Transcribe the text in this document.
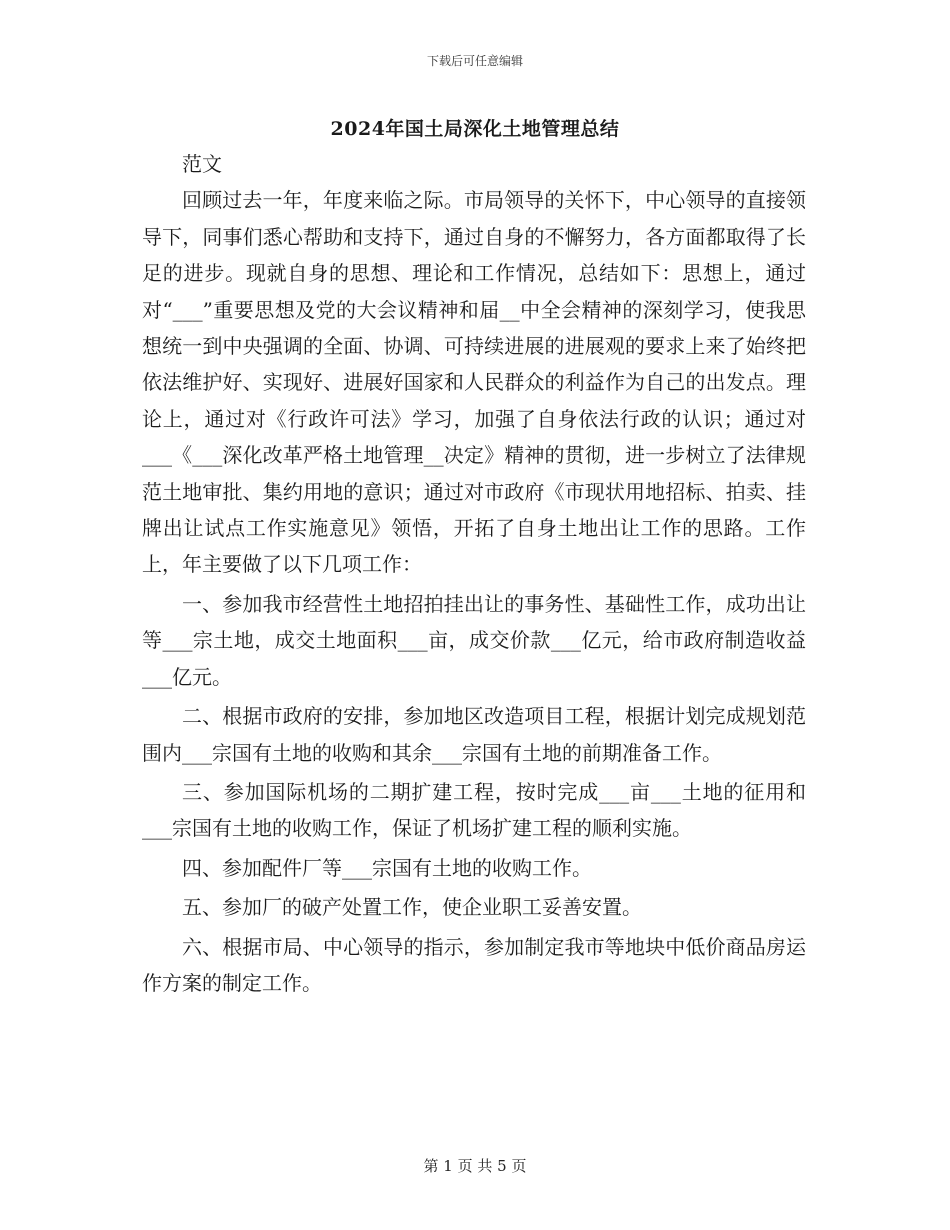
下载后可任意编辑
2024年国土局深化土地管理总结

范文

回顾过去一年，年度来临之际。市局领导的关怀下，中心领导的直接领导下，同事们悉心帮助和支持下，通过自身的不懈努力，各方面都取得了长足的进步。现就自身的思想、理论和工作情况，总结如下：思想上，通过对“___”重要思想及党的大会议精神和届__中全会精神的深刻学习，使我思想统一到中央强调的全面、协调、可持续进展的进展观的要求上来了始终把依法维护好、实现好、进展好国家和人民群众的利益作为自己的出发点。理论上，通过对《行政许可法》学习，加强了自身依法行政的认识；通过对___《___深化改革严格土地管理__决定》精神的贯彻，进一步树立了法律规范土地审批、集约用地的意识；通过对市政府《市现状用地招标、拍卖、挂牌出让试点工作实施意见》领悟，开拓了自身土地出让工作的思路。工作上，年主要做了以下几项工作：

一、参加我市经营性土地招拍挂出让的事务性、基础性工作，成功出让等___宗土地，成交土地面积___亩，成交价款___亿元，给市政府制造收益___亿元。

二、根据市政府的安排，参加地区改造项目工程，根据计划完成规划范围内___宗国有土地的收购和其余___宗国有土地的前期准备工作。

三、参加国际机场的二期扩建工程，按时完成___亩___土地的征用和___宗国有土地的收购工作，保证了机场扩建工程的顺利实施。

四、参加配件厂等___宗国有土地的收购工作。

五、参加厂的破产处置工作，使企业职工妥善安置。

六、根据市局、中心领导的指示，参加制定我市等地块中低价商品房运作方案的制定工作。

第 1 页 共 5 页
